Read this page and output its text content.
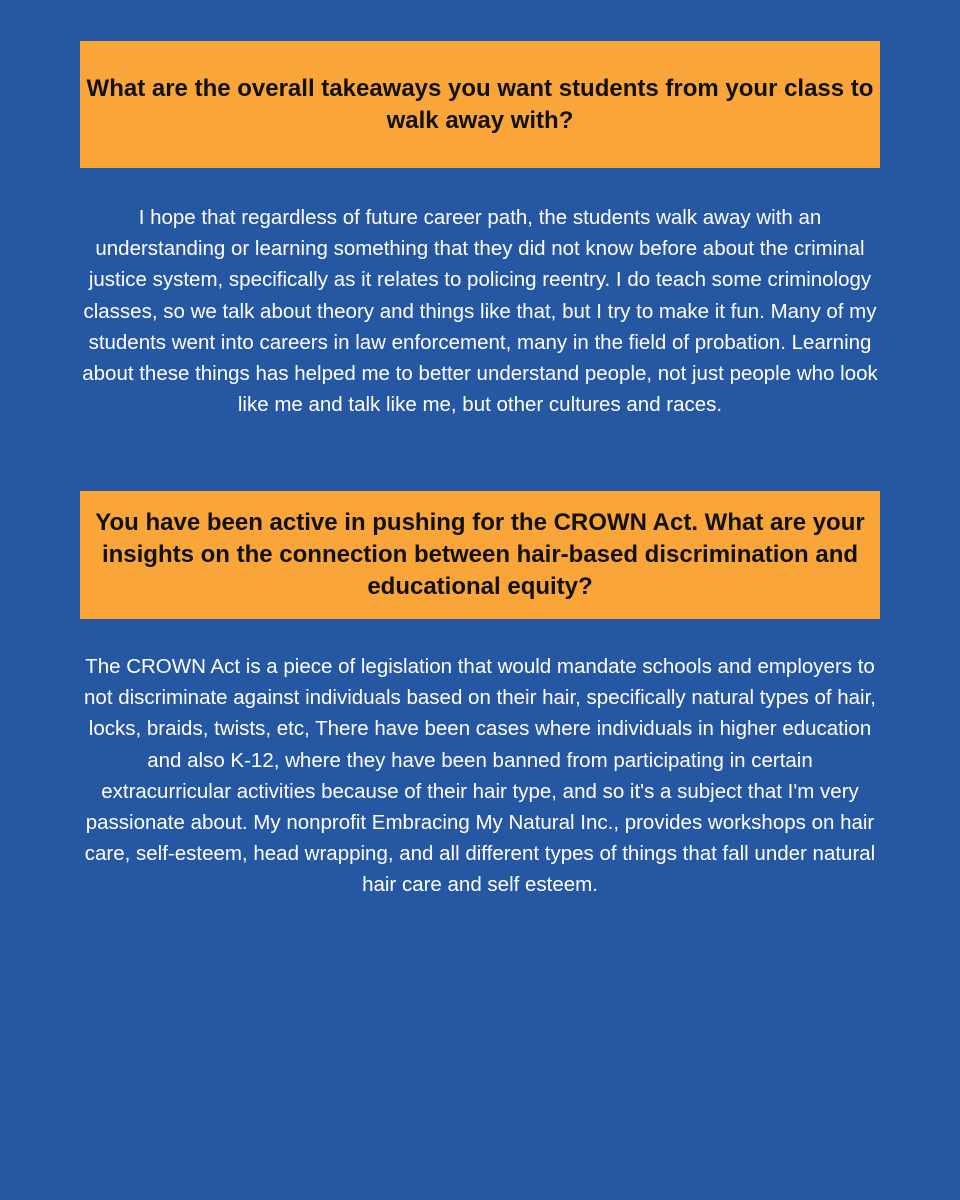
What are the overall takeaways you want students from your class to walk away with?

I hope that regardless of future career path, the students walk away with an understanding or learning something that they did not know before about the criminal justice system, specifically as it relates to policing reentry. I do teach some criminology classes, so we talk about theory and things like that, but I try to make it fun. Many of my students went into careers in law enforcement, many in the field of probation. Learning about these things has helped me to better understand people, not just people who look like me and talk like me, but other cultures and races.

You have been active in pushing for the CROWN Act. What are your insights on the connection between hair-based discrimination and educational equity?

The CROWN Act is a piece of legislation that would mandate schools and employers to not discriminate against individuals based on their hair, specifically natural types of hair, locks, braids, twists, etc, There have been cases where individuals in higher education and also K-12, where they have been banned from participating in certain extracurricular activities because of their hair type, and so it's a subject that I'm very passionate about. My nonprofit Embracing My Natural Inc., provides workshops on hair care, self-esteem, head wrapping, and all different types of things that fall under natural hair care and self esteem.
